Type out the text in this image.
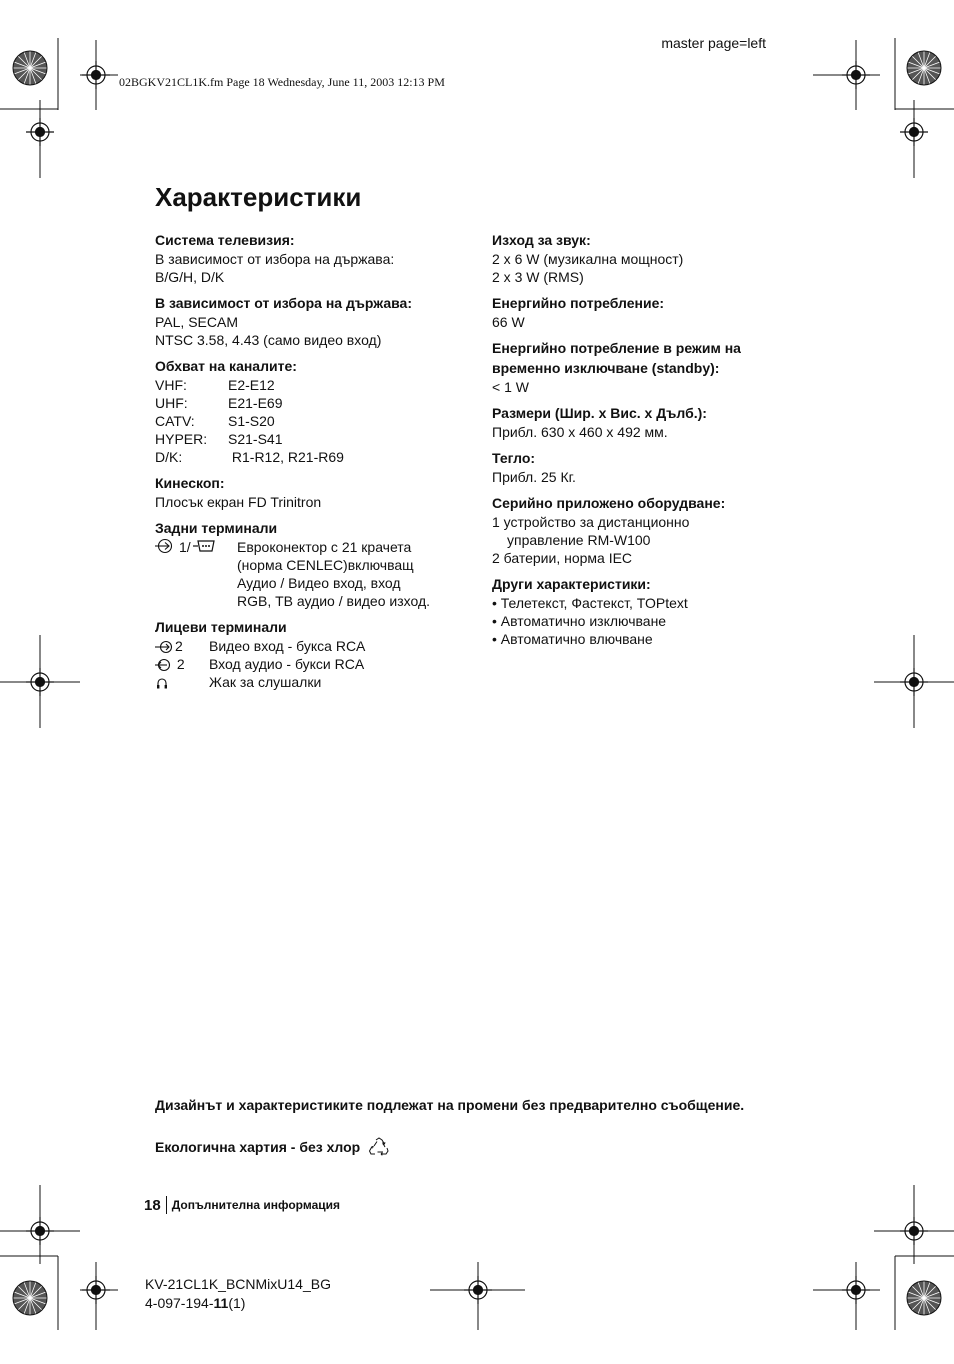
master page=left
02BGKV21CL1K.fm Page 18 Wednesday, June 11, 2003 12:13 PM
Характеристики
Система телевизия:
В зависимост от избора на държава:
B/G/H, D/K
В зависимост от избора на държава:
PAL, SECAM
NTSC 3.58, 4.43 (само видео вход)
Обхват на каналите:
VHF:	E2-E12
UHF:	E21-E69
CATV:	S1-S20
HYPER:	S21-S41
D/K:	R1-R12, R21-R69
Кинескоп:
Плосък екран FD Trinitron
Задни терминали
1/	Евроконектор с 21 крачета
(норма CENLEC)включващ
Аудио / Видео вход, вход
RGB, ТВ аудио / видео изход.
Лицеви терминали
2	Видео вход - букса RCA
2	Вход аудио - букси RCA
Жак за слушалки
Изход за звук:
2 x 6 W (музикална мощност)
2 x 3 W (RMS)
Енергийно потребление:
66 W
Енергийно потребление в режим на
временно изключване (standby):
< 1 W
Размери (Шир. x Вис. x Дълб.):
Прибл. 630 x 460 x 492 мм.
Тегло:
Прибл. 25 Кг.
Серийно приложено оборудване:
1 устройство за дистанционно
управление RM-W100
2 батерии, норма IEC
Други характеристики:
• Телетекст, Фастекст, TOPtext
• Автоматично изключване
• Автоматично влючване
Дизайнът и характеристиките подлежат на промени без предварително съобщение.
Екологична хартия - без хлор
18 Допълнителна информация
KV-21CL1K_BCNMixU14_BG
4-097-194-11(1)
